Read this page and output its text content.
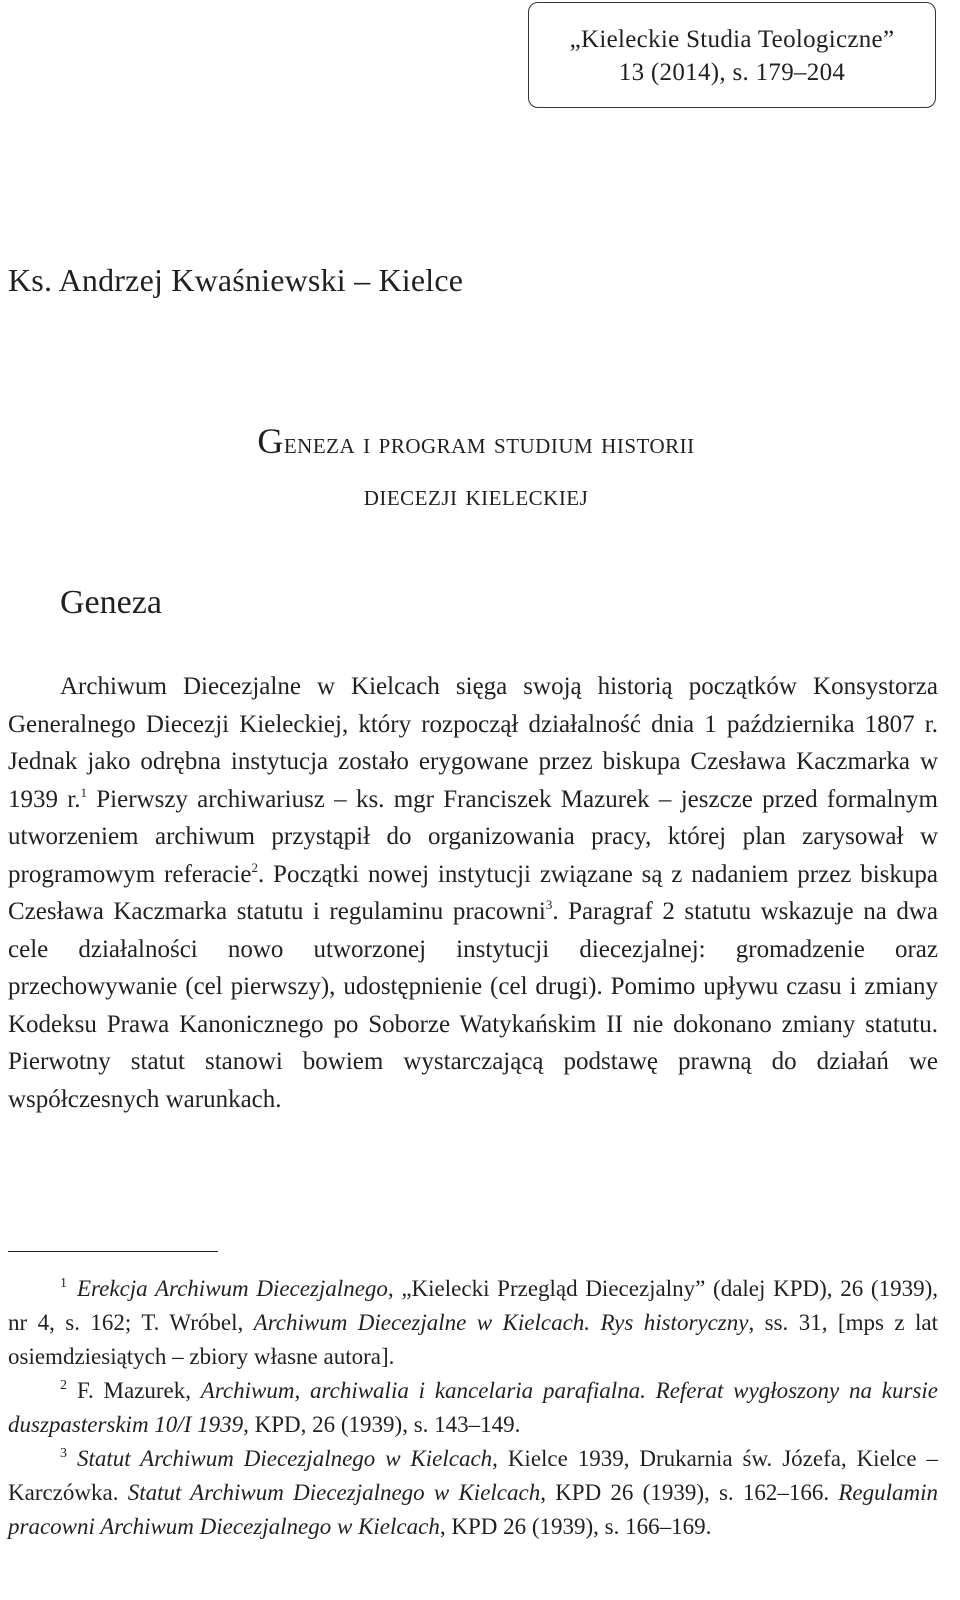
„Kieleckie Studia Teologiczne”
13 (2014), s. 179–204
Ks. Andrzej Kwaśniewski – Kielce
Geneza i program studium historii
diecezji kieleckiej
Geneza

Archiwum Diecezjalne w Kielcach sięga swoją historią początków Konsystorza Generalnego Diecezji Kieleckiej, który rozpoczął działalność dnia 1 października 1807 r. Jednak jako odrębna instytucja zostało erygowane przez biskupa Czesława Kaczmarka w 1939 r.$^1$ Pierwszy archiwariusz – ks. mgr Franciszek Mazurek – jeszcze przed formalnym utworzeniem archiwum przystąpił do organizowania pracy, której plan zarysował w programowym referacie$^2$. Początki nowej instytucji związane są z nadaniem przez biskupa Czesława Kaczmarka statutu i regulaminu pracowni$^3$. Paragraf 2 statutu wskazuje na dwa cele działalności nowo utworzonej instytucji diecezjalnej: gromadzenie oraz przechowywanie (cel pierwszy), udostępnienie (cel drugi). Pomimo upływu czasu i zmiany Kodeksu Prawa Kanonicznego po Soborze Watykańskim II nie dokonano zmiany statutu. Pierwotny statut stanowi bowiem wystarczającą podstawę prawną do działań we współczesnych warunkach.

$^1$ Erekcja Archiwum Diecezjalnego, „Kielecki Przegląd Diecezjalny” (dalej KPD), 26 (1939), nr 4, s. 162; T. Wróbel, Archiwum Diecezjalne w Kielcach. Rys historyczny, ss. 31, [mps z lat osiemdziesiątych – zbiory własne autora].

$^2$ F. Mazurek, Archiwum, archiwalia i kancelaria parafialna. Referat wygłoszony na kursie duszpasterskim 10/I 1939, KPD, 26 (1939), s. 143–149.

$^3$ Statut Archiwum Diecezjalnego w Kielcach, Kielce 1939, Drukarnia św. Józefa, Kielce – Karczówka. Statut Archiwum Diecezjalnego w Kielcach, KPD 26 (1939), s. 162–166. Regulamin pracowni Archiwum Diecezjalnego w Kielcach, KPD 26 (1939), s. 166–169.
